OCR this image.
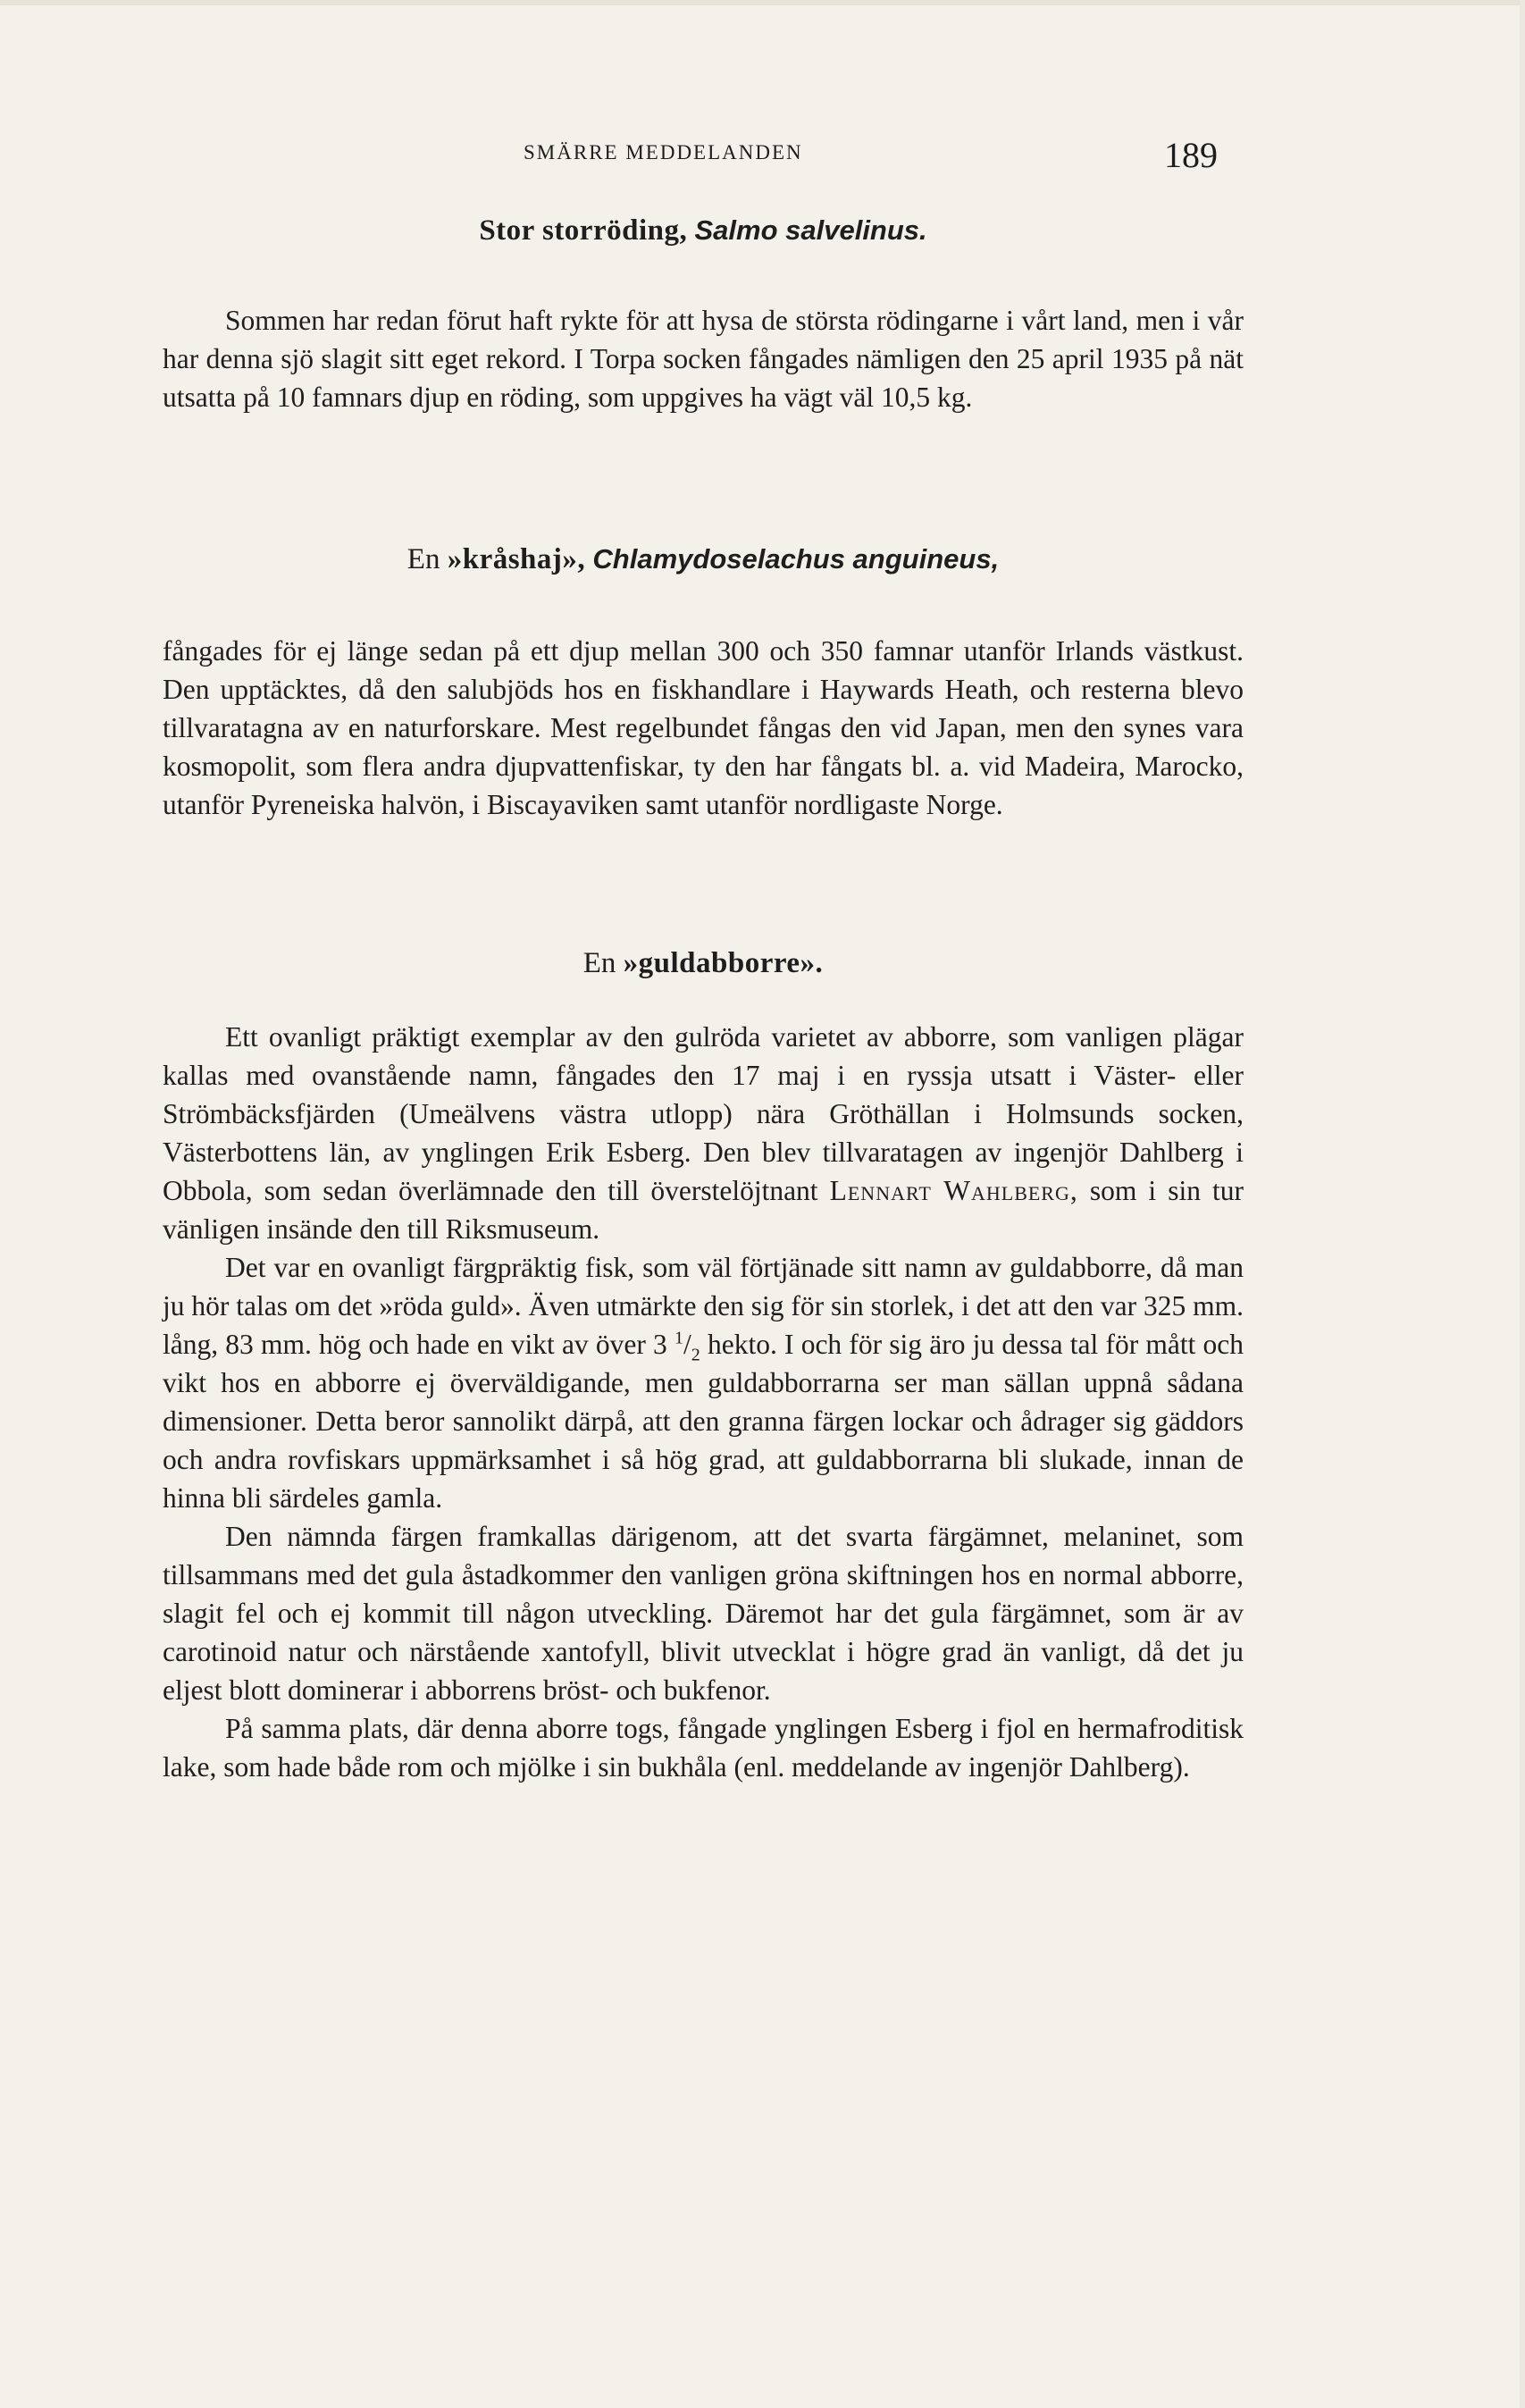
SMÄRRE MEDDELANDEN	189
Stor storröding, Salmo salvelinus.

Sommen har redan förut haft rykte för att hysa de största rödingarne i vårt land, men i vår har denna sjö slagit sitt eget rekord. I Torpa socken fångades nämligen den 25 april 1935 på nät utsatta på 10 famnars djup en röding, som uppgives ha vägt väl 10,5 kg.

En »kråshaj», Chlamydoselachus anguineus,

fångades för ej länge sedan på ett djup mellan 300 och 350 famnar utanför Irlands västkust. Den upptäcktes, då den salubjöds hos en fiskhandlare i Haywards Heath, och resterna blevo tillvaratagna av en naturforskare. Mest regelbundet fångas den vid Japan, men den synes vara kosmopolit, som flera andra djupvattenfiskar, ty den har fångats bl. a. vid Madeira, Marocko, utanför Pyreneiska halvön, i Biscayaviken samt utanför nordligaste Norge.

En »guldabborre».

Ett ovanligt präktigt exemplar av den gulröda varietet av abborre, som vanligen plägar kallas med ovanstående namn, fångades den 17 maj i en ryssja utsatt i Väster- eller Strömbäcksfjärden (Umeälvens västra utlopp) nära Gröthällan i Holmsunds socken, Västerbottens län, av ynglingen Erik Esberg. Den blev tillvaratagen av ingenjör Dahlberg i Obbola, som sedan överlämnade den till överstelöjtnant Lennart Wahlberg, som i sin tur vänligen insände den till Riksmuseum.

Det var en ovanligt färgpräktig fisk, som väl förtjänade sitt namn av guldabborre, då man ju hör talas om det »röda guld». Även utmärkte den sig för sin storlek, i det att den var 325 mm. lång, 83 mm. hög och hade en vikt av över 3 $^1/_2$ hekto. I och för sig äro ju dessa tal för mått och vikt hos en abborre ej överväldigande, men guldabborrarna ser man sällan uppnå sådana dimensioner. Detta beror sannolikt därpå, att den granna färgen lockar och ådrager sig gäddors och andra rovfiskars uppmärksamhet i så hög grad, att guldabborrarna bli slukade, innan de hinna bli särdeles gamla.

Den nämnda färgen framkallas därigenom, att det svarta färgämnet, melaninet, som tillsammans med det gula åstadkommer den vanligen gröna skiftningen hos en normal abborre, slagit fel och ej kommit till någon utveckling. Däremot har det gula färgämnet, som är av carotinoid natur och närstående xantofyll, blivit utvecklat i högre grad än vanligt, då det ju eljest blott dominerar i abborrens bröst- och bukfenor.

På samma plats, där denna aborre togs, fångade ynglingen Esberg i fjol en hermafroditisk lake, som hade både rom och mjölke i sin bukhåla (enl. meddelande av ingenjör Dahlberg).
